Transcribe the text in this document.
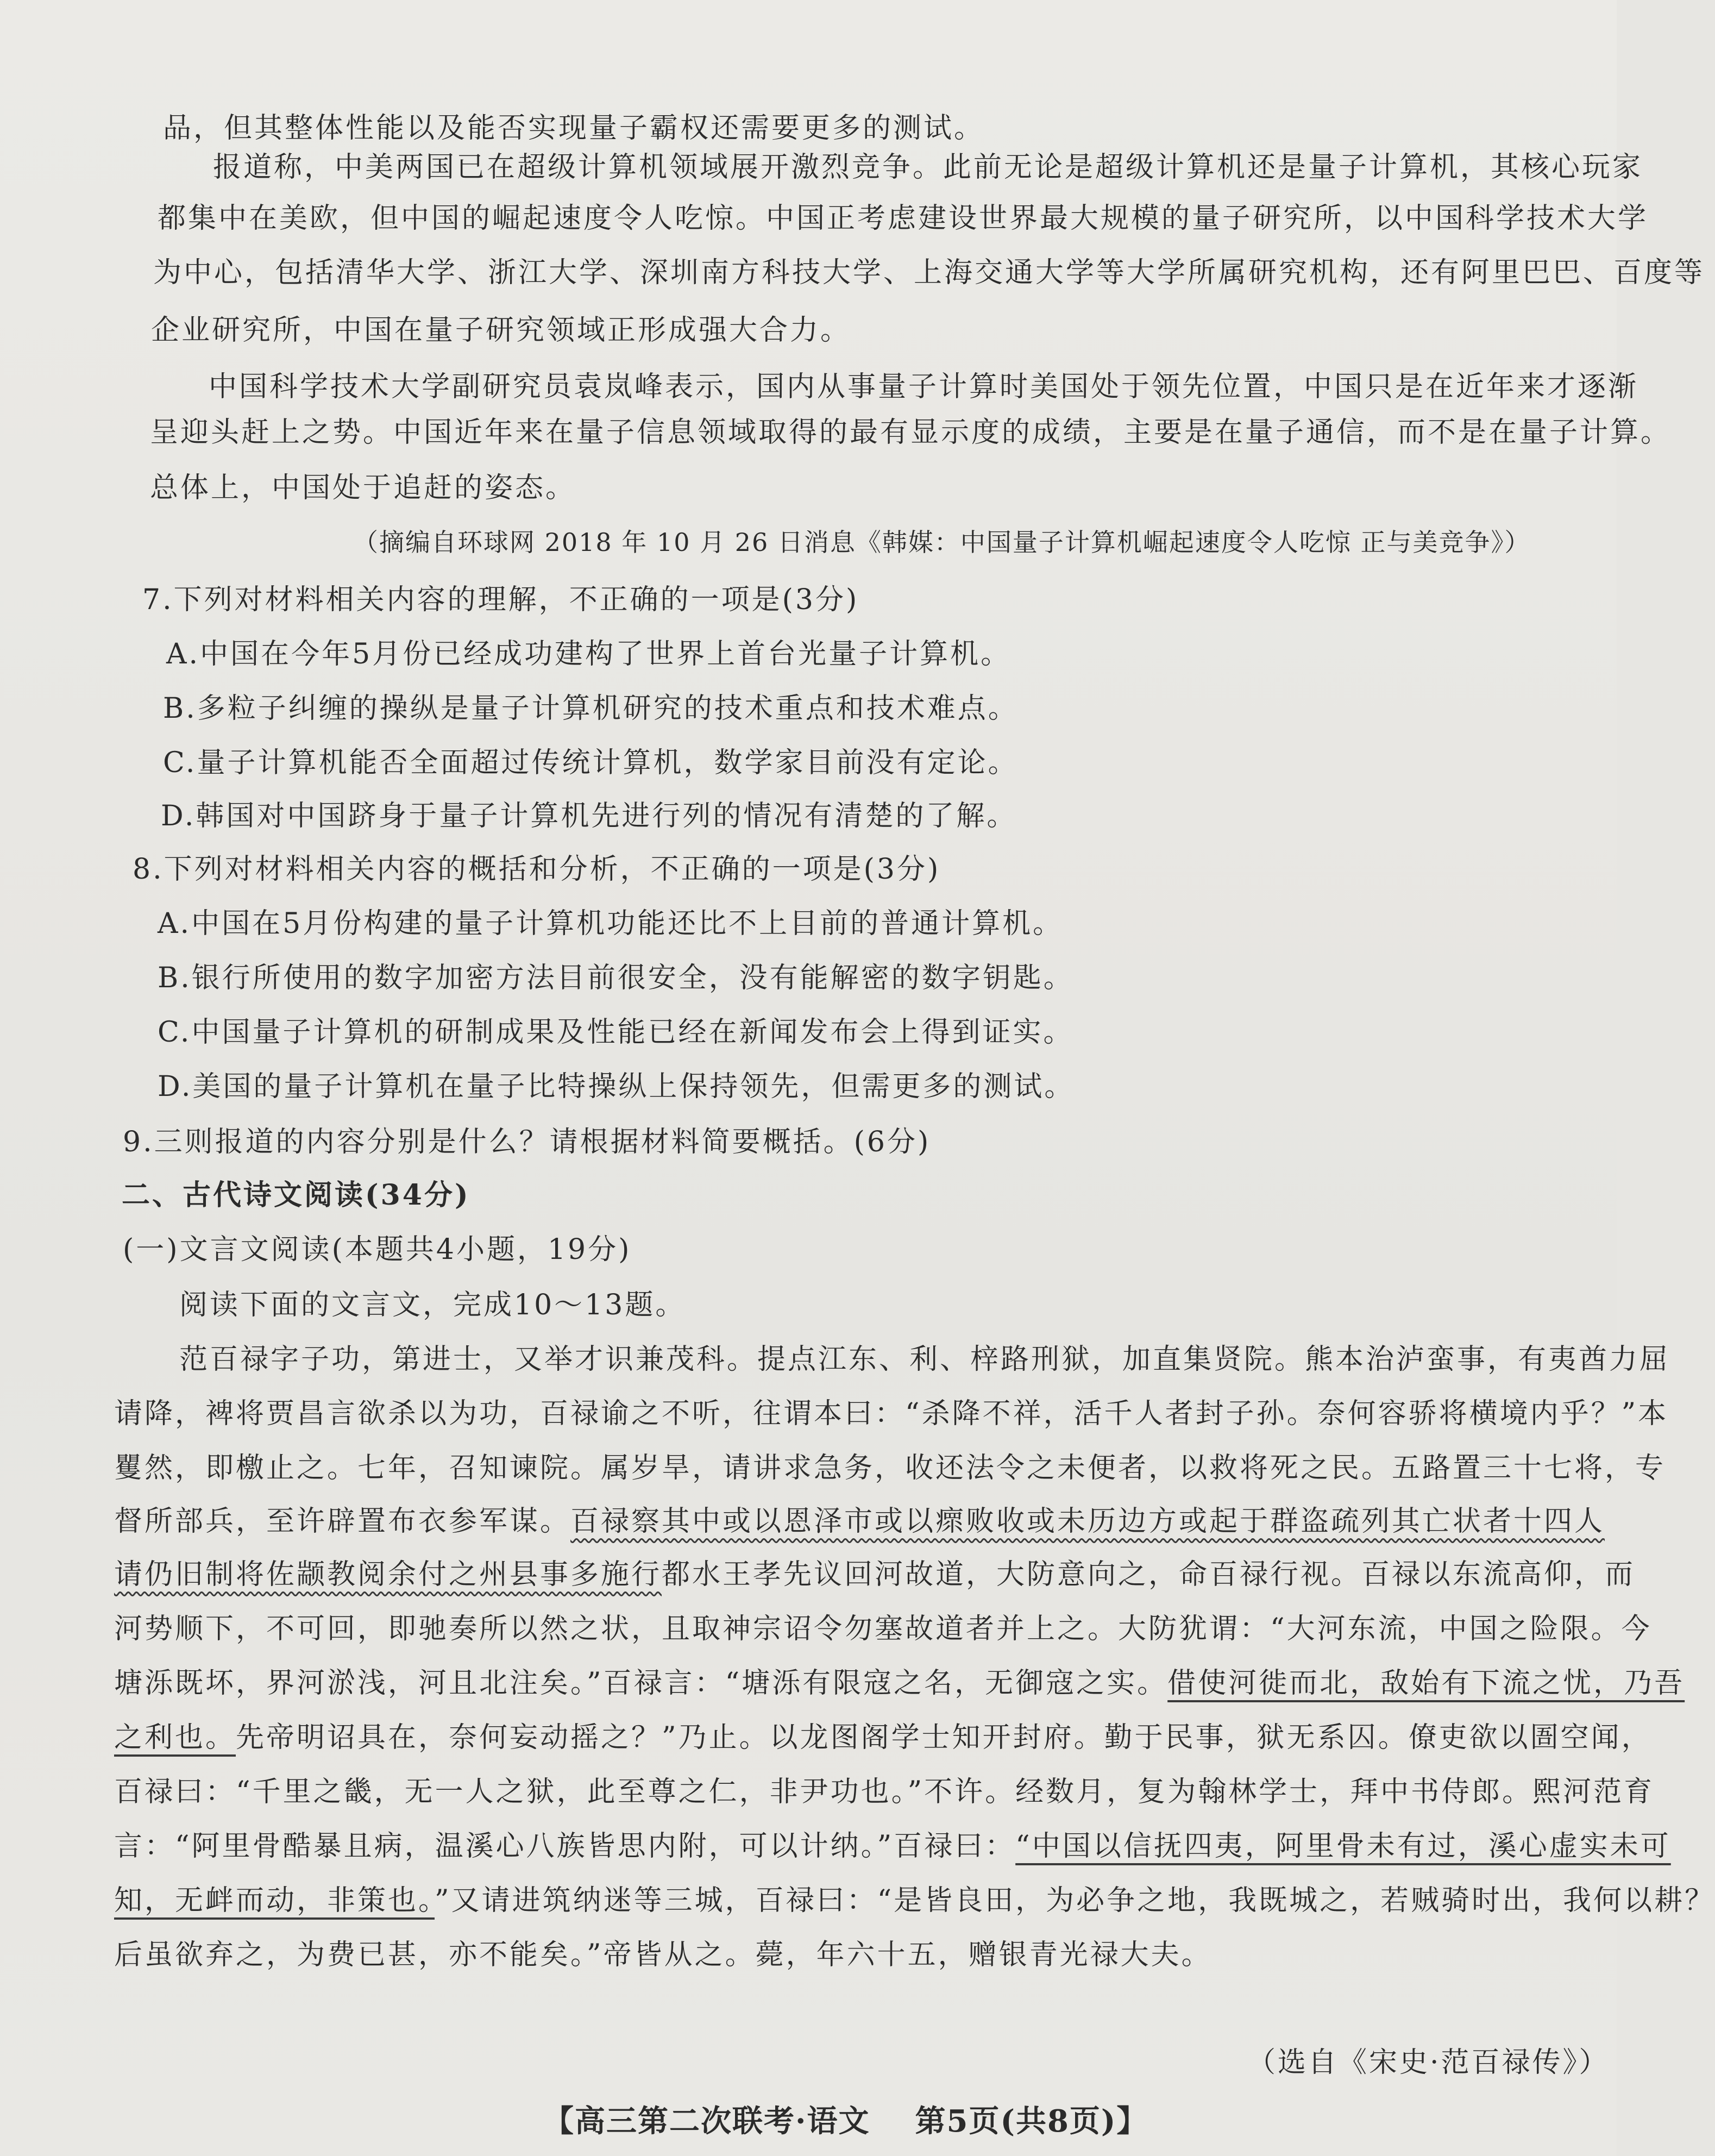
品，但其整体性能以及能否实现量子霸权还需要更多的测试。
报道称，中美两国已在超级计算机领域展开激烈竞争。此前无论是超级计算机还是量子计算机，其核心玩家
都集中在美欧，但中国的崛起速度令人吃惊。中国正考虑建设世界最大规模的量子研究所，以中国科学技术大学
为中心，包括清华大学、浙江大学、深圳南方科技大学、上海交通大学等大学所属研究机构，还有阿里巴巴、百度等
企业研究所，中国在量子研究领域正形成强大合力。
中国科学技术大学副研究员袁岚峰表示，国内从事量子计算时美国处于领先位置，中国只是在近年来才逐渐
呈迎头赶上之势。中国近年来在量子信息领域取得的最有显示度的成绩，主要是在量子通信，而不是在量子计算。
总体上，中国处于追赶的姿态。
（摘编自环球网 2018 年 10 月 26 日消息《韩媒：中国量子计算机崛起速度令人吃惊 正与美竞争》）
7.下列对材料相关内容的理解，不正确的一项是(3分)
A.中国在今年5月份已经成功建构了世界上首台光量子计算机。
B.多粒子纠缠的操纵是量子计算机研究的技术重点和技术难点。
C.量子计算机能否全面超过传统计算机，数学家目前没有定论。
D.韩国对中国跻身于量子计算机先进行列的情况有清楚的了解。
8.下列对材料相关内容的概括和分析，不正确的一项是(3分)
A.中国在5月份构建的量子计算机功能还比不上目前的普通计算机。
B.银行所使用的数字加密方法目前很安全，没有能解密的数字钥匙。
C.中国量子计算机的研制成果及性能已经在新闻发布会上得到证实。
D.美国的量子计算机在量子比特操纵上保持领先，但需更多的测试。
9.三则报道的内容分别是什么？请根据材料简要概括。(6分)
二、古代诗文阅读(34分)
(一)文言文阅读(本题共4小题，19分)
阅读下面的文言文，完成10～13题。
范百禄字子功，第进士，又举才识兼茂科。提点江东、利、梓路刑狱，加直集贤院。熊本治泸蛮事，有夷酋力屈
请降，裨将贾昌言欲杀以为功，百禄谕之不听，往谓本曰：“杀降不祥，活千人者封子孙。奈何容骄将横境内乎？”本
矍然，即檄止之。七年，召知谏院。属岁旱，请讲求急务，收还法令之未便者，以救将死之民。五路置三十七将，专
督所部兵，至许辟置布衣参军谋。百禄察其中或以恩泽市或以瘝败收或未历边方或起于群盗疏列其亡状者十四人
请仍旧制将佐颛教阅余付之州县事多施行都水王孝先议回河故道，大防意向之，命百禄行视。百禄以东流高仰，而
河势顺下，不可回，即驰奏所以然之状，且取神宗诏令勿塞故道者并上之。大防犹谓：“大河东流，中国之险限。今
塘泺既坏，界河淤浅，河且北注矣。”百禄言：“塘泺有限寇之名，无御寇之实。借使河徙而北，敌始有下流之忧，乃吾
之利也。先帝明诏具在，奈何妄动摇之？”乃止。以龙图阁学士知开封府。勤于民事，狱无系囚。僚吏欲以圄空闻，
百禄曰：“千里之畿，无一人之狱，此至尊之仁，非尹功也。”不许。经数月，复为翰林学士，拜中书侍郎。熙河范育
言：“阿里骨酷暴且病，温溪心八族皆思内附，可以计纳。”百禄曰：“中国以信抚四夷，阿里骨未有过，溪心虚实未可
知，无衅而动，非策也。”又请进筑纳迷等三城，百禄曰：“是皆良田，为必争之地，我既城之，若贼骑时出，我何以耕？
后虽欲弃之，为费已甚，亦不能矣。”帝皆从之。薨，年六十五，赠银青光禄大夫。
（选自《宋史·范百禄传》）
【高三第二次联考·语文 第5页(共8页)】
